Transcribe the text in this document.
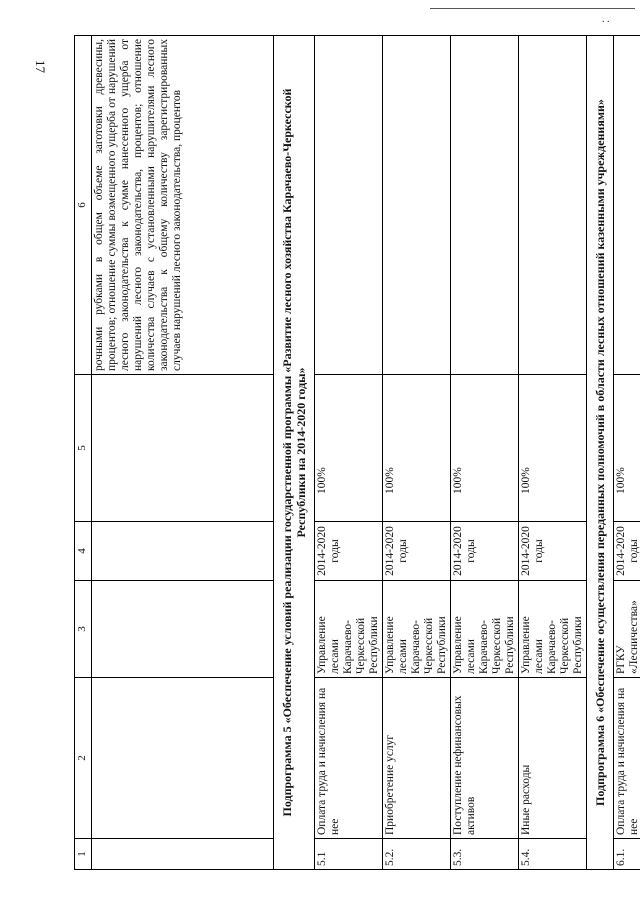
. .
17
1	2	3	4	5	6
					рочными рубками в общем объеме заготовки древесины, процентов; отношение суммы возмещенного ущерба от нарушений лесного законодательства к сумме нанесенного ущерба от нарушений лесного законодательства, процентов; отношение количества случаев с установленными нарушителями лесного законодательства к общему количеству зарегистрированных случаев нарушений лесного законодательства, процентов
Подпрограмма 5 «Обеспечение условий реализации государственной программы «Развитие лесного хозяйства Карачаево-Черкесской Республики на 2014-2020 годы»					
5.1	Оплата труда и начисления на нее	Управление лесами Карачаево-Черкесской Республики	2014-2020 годы	100%	

5.2.	Приобретение услуг	Управление лесами Карачаево-Черкесской Республики	2014-2020 годы	100%	

5.3.	Поступление нефинансовых активов	Управление лесами Карачаево-Черкесской Республики	2014-2020 годы	100%	

5.4.	Иные расходы	Управление лесами Карачаево-Черкесской Республики	2014-2020 годы	100%	

Подпрограмма 6 «Обеспечение осуществления переданных полномочий в области лесных отношений казенными учреждениями»					
6.1.	Оплата труда и начисления на нее	РГКУ «Лесничества»	2014-2020 годы	100%	
